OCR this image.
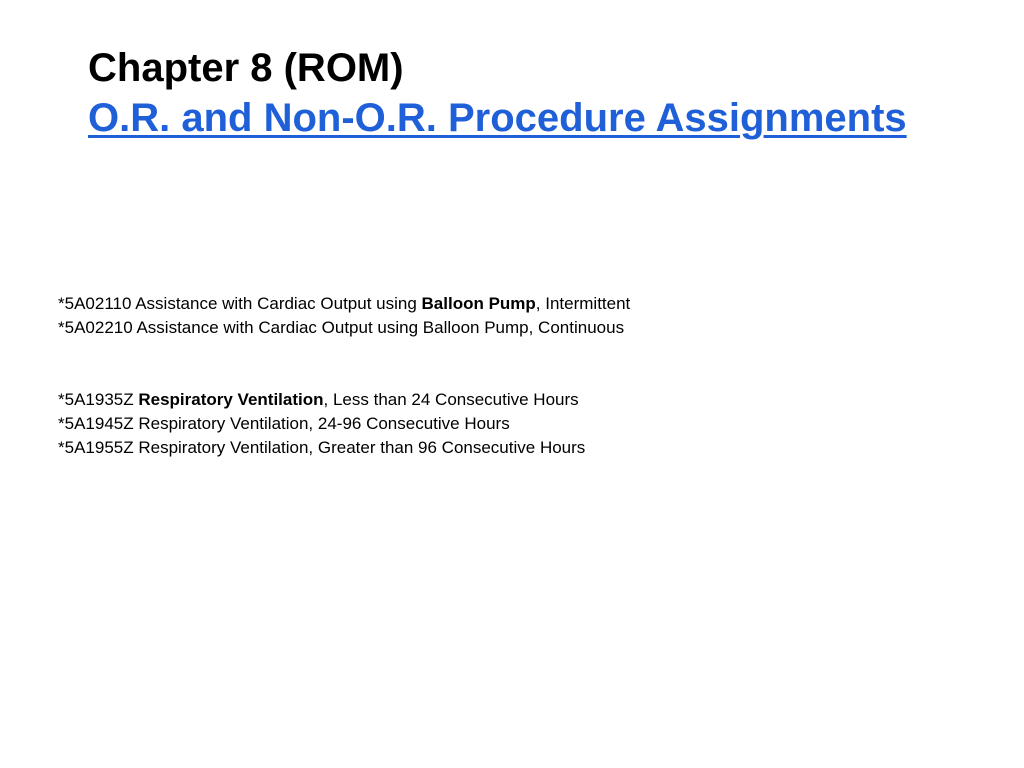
Chapter 8 (ROM)
O.R. and Non-O.R. Procedure Assignments
*5A02110 Assistance with Cardiac Output using Balloon Pump, Intermittent
*5A02210 Assistance with Cardiac Output using Balloon Pump, Continuous
*5A1935Z Respiratory Ventilation, Less than 24 Consecutive Hours
*5A1945Z Respiratory Ventilation, 24-96 Consecutive Hours
*5A1955Z Respiratory Ventilation, Greater than 96 Consecutive Hours
